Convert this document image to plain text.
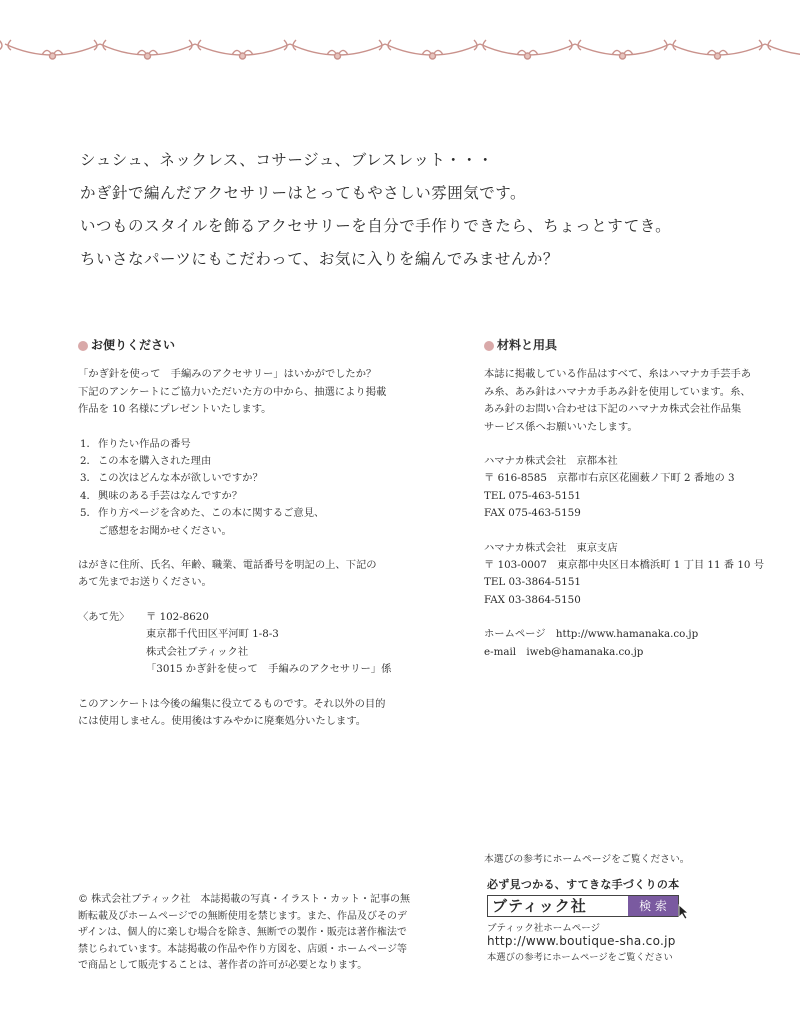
シュシュ、ネックレス、コサージュ、ブレスレット・・・

かぎ針で編んだアクセサリーはとってもやさしい雰囲気です。

いつものスタイルを飾るアクセサリーを自分で手作りできたら、ちょっとすてき。

ちいさなパーツにもこだわって、お気に入りを編んでみませんか？

お便りください
「かぎ針を使って　手編みのアクセサリー」はいかがでしたか？
下記のアンケートにご協力いただいた方の中から、抽選により掲載
作品を 10 名様にプレゼントいたします。
1．作りたい作品の番号
2．この本を購入された理由
3．この次はどんな本が欲しいですか？
4．興味のある手芸はなんですか？
5．作り方ページを含めた、この本に関するご意見、
ご感想をお聞かせください。
はがきに住所、氏名、年齢、職業、電話番号を明記の上、下記の
あて先までお送りください。
〈あて先〉	〒 102-8620
東京都千代田区平河町 1-8-3
株式会社ブティック社
「3015 かぎ針を使って　手編みのアクセサリー」係
このアンケートは今後の編集に役立てるものです。それ以外の目的
には使用しません。使用後はすみやかに廃棄処分いたします。
材料と用具
本誌に掲載している作品はすべて、糸はハマナカ手芸手あ
み糸、あみ針はハマナカ手あみ針を使用しています。糸、
あみ針のお問い合わせは下記のハマナカ株式会社作品集
サービス係へお願いいたします。
ハマナカ株式会社　京都本社
〒 616-8585　京都市右京区花園薮ノ下町 2 番地の 3
TEL 075-463-5151
FAX 075-463-5159
ハマナカ株式会社　東京支店
〒 103-0007　東京都中央区日本橋浜町 1 丁目 11 番 10 号
TEL 03-3864-5151
FAX 03-3864-5150
ホームページ　http://www.hamanaka.co.jp
e-mail　iweb@hamanaka.co.jp
© 株式会社ブティック社　本誌掲載の写真・イラスト・カット・記事の無
断転載及びホームページでの無断使用を禁じます。また、作品及びそのデ
ザインは、個人的に楽しむ場合を除き、無断での製作・販売は著作権法で
禁じられています。本誌掲載の作品や作り方図を、店頭・ホームページ等
で商品として販売することは、著作者の許可が必要となります。
本選びの参考にホームページをご覧ください。
必ず見つかる、すてきな手づくりの本
ブティック社	検 索
ブティック社ホームページ
http://www.boutique-sha.co.jp
本選びの参考にホームページをご覧ください
